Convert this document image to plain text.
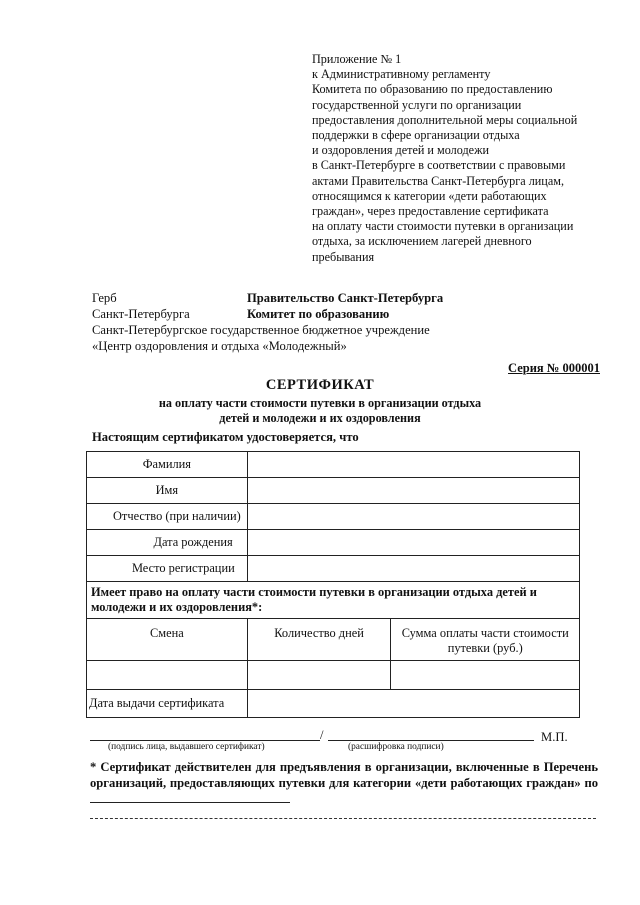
Приложение № 1
к Административному регламенту
Комитета по образованию по предоставлению
государственной услуги по организации
предоставления дополнительной меры социальной
поддержки в сфере организации отдыха
и оздоровления детей и молодежи
в Санкт-Петербурге в соответствии с правовыми
актами Правительства Санкт-Петербурга лицам,
относящимся к категории «дети работающих
граждан», через предоставление сертификата
на оплату части стоимости путевки в организации
отдыха, за исключением лагерей дневного
пребывания
Герб
Санкт-Петербурга
Правительство Санкт-Петербурга
Комитет по образованию
Санкт-Петербургское государственное бюджетное учреждение
«Центр оздоровления и отдыха «Молодежный»
Серия № 000001
СЕРТИФИКАТ
на оплату части стоимости путевки в организации отдыха
детей и молодежи и их оздоровления
Настоящим сертификатом удостоверяется, что
Фамилия		
Имя		
Отчество (при наличии)		
Дата рождения		
Место регистрации		
Имеет право на оплату части стоимости путевки в организации отдыха детей и молодежи и их оздоровления*:		
Смена	Количество дней	Сумма оплаты части стоимости путевки (руб.)

Дата выдачи сертификата		
/	М.П.
(подпись лица, выдавшего сертификат)	(расшифровка подписи)
* Сертификат действителен для предъявления в организации, включенные в Перечень организаций, предоставляющих путевки для категории «дети работающих граждан» по
